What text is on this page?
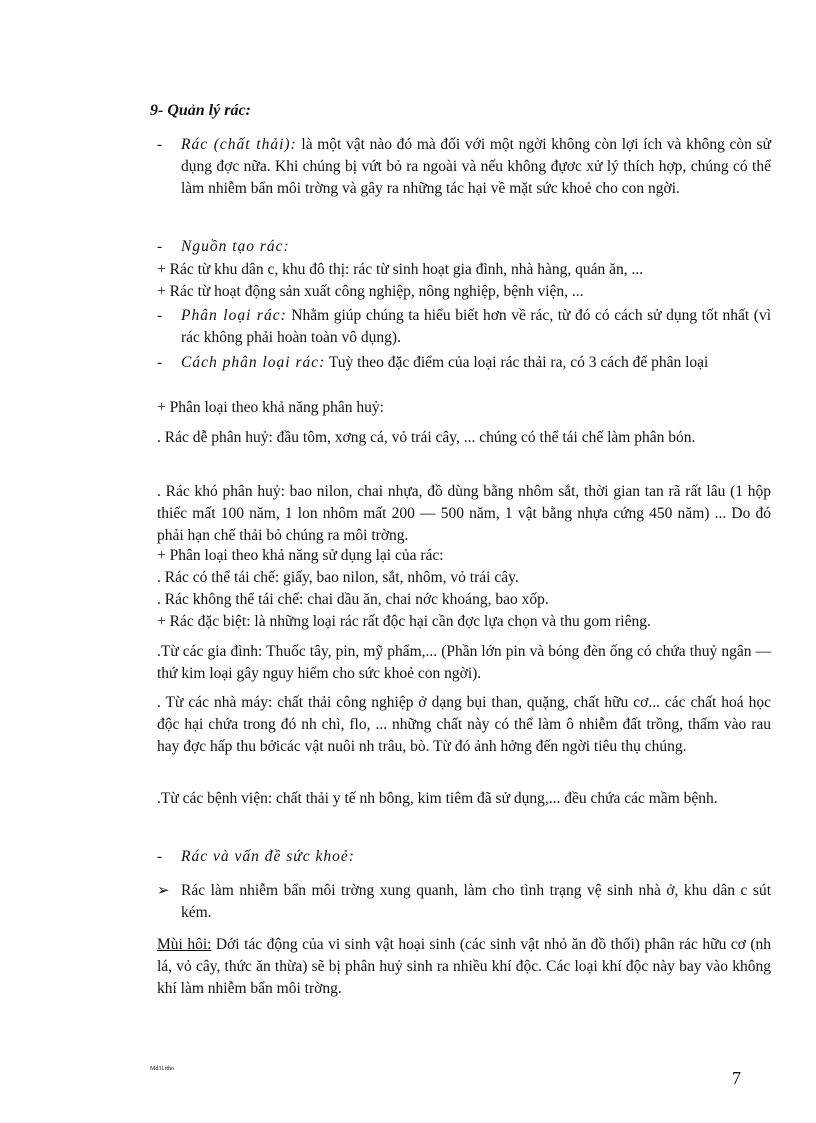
9- Quản lý rác:
- Rác (chất thải): là một vật nào đó mà đối với một ngời không còn lợi ích và không còn sử dụng đợc nữa. Khi chúng bị vứt bỏ ra ngoài và nếu không đựơc xử lý thích hợp, chúng có thể làm nhiễm bẩn môi trờng và gây ra những tác hại về mặt sức khoẻ cho con ngời.
- Nguồn tạo rác:
+ Rác từ khu dân c, khu đô thị: rác từ sinh hoạt gia đình, nhà hàng, quán ăn, ...
+ Rác từ hoạt động sản xuất công nghiệp, nông nghiệp, bệnh viện, ...
- Phân loại rác: Nhằm giúp chúng ta hiểu biết hơn về rác, từ đó có cách sử dụng tốt nhất (vì rác không phải hoàn toàn vô dụng).
- Cách phân loại rác: Tuỳ theo đặc điểm của loại rác thải ra, có 3 cách để phân loại
+ Phân loại theo khả năng phân huỷ:
. Rác dễ phân huỷ: đầu tôm, xơng cá, vỏ trái cây, ... chúng có thể tái chế làm phân bón.
. Rác khó phân huỷ: bao nilon, chai nhựa, đồ dùng bằng nhôm sắt, thời gian tan rã rất lâu (1 hộp thiếc mất 100 năm, 1 lon nhôm mất 200 — 500 năm, 1 vật bằng nhựa cứng 450 năm) ... Do đó phải hạn chế thải bỏ chúng ra môi trờng.
+ Phân loại theo khả năng sử dụng lại của rác:
. Rác có thể tái chế: giấy, bao nilon, sắt, nhôm, vỏ trái cây.
. Rác không thể tái chế: chai dầu ăn, chai nớc khoáng, bao xốp.
+ Rác đặc biệt: là những loại rác rất độc hại cần đợc lựa chọn và thu gom riêng.
.Từ các gia đình: Thuốc tây, pin, mỹ phẩm,... (Phần lớn pin và bóng đèn ống có chứa thuỷ ngân — thứ kim loại gây nguy hiểm cho sức khoẻ con ngời).
. Từ các nhà máy: chất thải công nghiệp ở dạng bụi than, quặng, chất hữu cơ... các chất hoá học độc hại chứa trong đó nh chì, flo, ... những chất này có thể làm ô nhiễm đất trồng, thấm vào rau hay đợc hấp thu bởicác vật nuôi nh trâu, bò. Từ đó ảnh hởng đến ngời tiêu thụ chúng.
.Từ các bệnh viện: chất thải y tế nh bông, kim tiêm đã sử dụng,... đều chứa các mầm bệnh.
- Rác và vấn đề sức khoẻ:
➢ Rác làm nhiễm bẩn môi trờng xung quanh, làm cho tình trạng vệ sinh nhà ở, khu dân c sút kém.
Mùi hôi: Dới tác động của vi sinh vật hoại sinh (các sinh vật nhỏ ăn đồ thối) phân rác hữu cơ (nh lá, vỏ cây, thức ăn thừa) sẽ bị phân huỷ sinh ra nhiều khí độc. Các loại khí độc này bay vào không khí làm nhiễm bẩn môi trờng.
Md3l.rtho	7
